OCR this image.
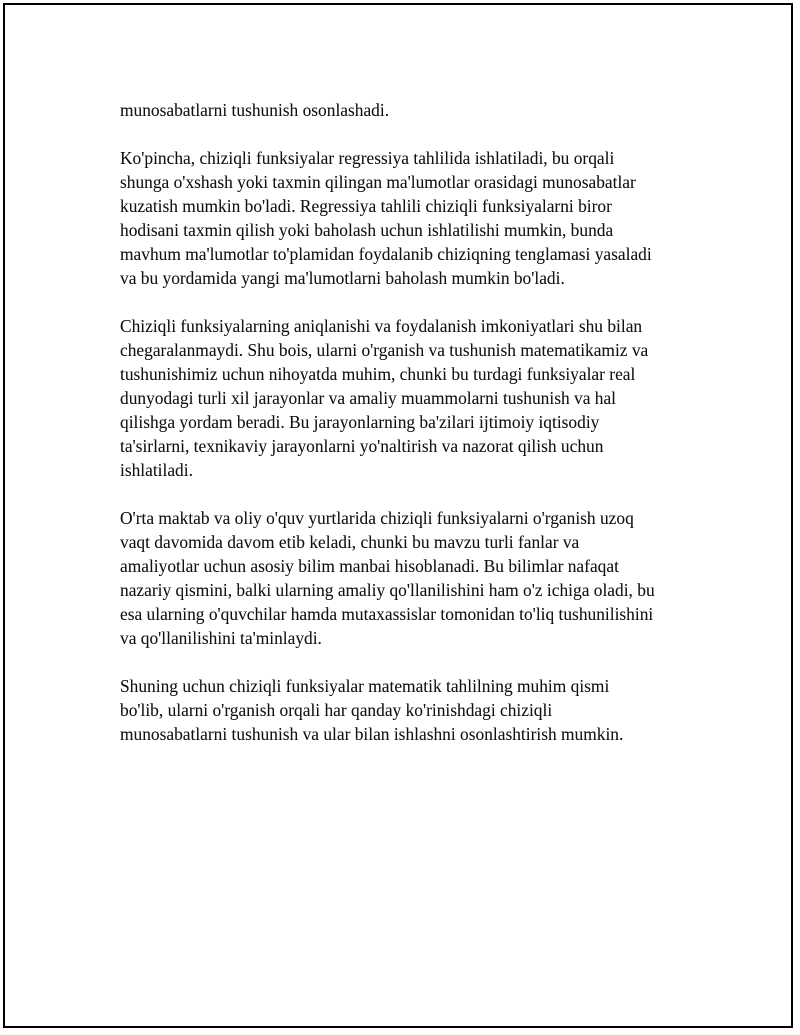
munosabatlarni tushunish osonlashadi.
Ko'pincha, chiziqli funksiyalar regressiya tahlilida ishlatiladi, bu orqali
shunga o'xshash yoki taxmin qilingan ma'lumotlar orasidagi munosabatlar
kuzatish mumkin bo'ladi. Regressiya tahlili chiziqli funksiyalarni biror
hodisani taxmin qilish yoki baholash uchun ishlatilishi mumkin, bunda
mavhum ma'lumotlar to'plamidan foydalanib chiziqning tenglamasi yasaladi
va bu yordamida yangi ma'lumotlarni baholash mumkin bo'ladi.
Chiziqli funksiyalarning aniqlanishi va foydalanish imkoniyatlari shu bilan
chegaralanmaydi. Shu bois, ularni o'rganish va tushunish matematikamiz va
tushunishimiz uchun nihoyatda muhim, chunki bu turdagi funksiyalar real
dunyodagi turli xil jarayonlar va amaliy muammolarni tushunish va hal
qilishga yordam beradi. Bu jarayonlarning ba'zilari ijtimoiy iqtisodiy
ta'sirlarni, texnikaviy jarayonlarni yo'naltirish va nazorat qilish uchun
ishlatiladi.
O'rta maktab va oliy o'quv yurtlarida chiziqli funksiyalarni o'rganish uzoq
vaqt davomida davom etib keladi, chunki bu mavzu turli fanlar va
amaliyotlar uchun asosiy bilim manbai hisoblanadi. Bu bilimlar nafaqat
nazariy qismini, balki ularning amaliy qo'llanilishini ham o'z ichiga oladi, bu
esa ularning o'quvchilar hamda mutaxassislar tomonidan to'liq tushunilishini
va qo'llanilishini ta'minlaydi.
Shuning uchun chiziqli funksiyalar matematik tahlilning muhim qismi
bo'lib, ularni o'rganish orqali har qanday ko'rinishdagi chiziqli
munosabatlarni tushunish va ular bilan ishlashni osonlashtirish mumkin.
